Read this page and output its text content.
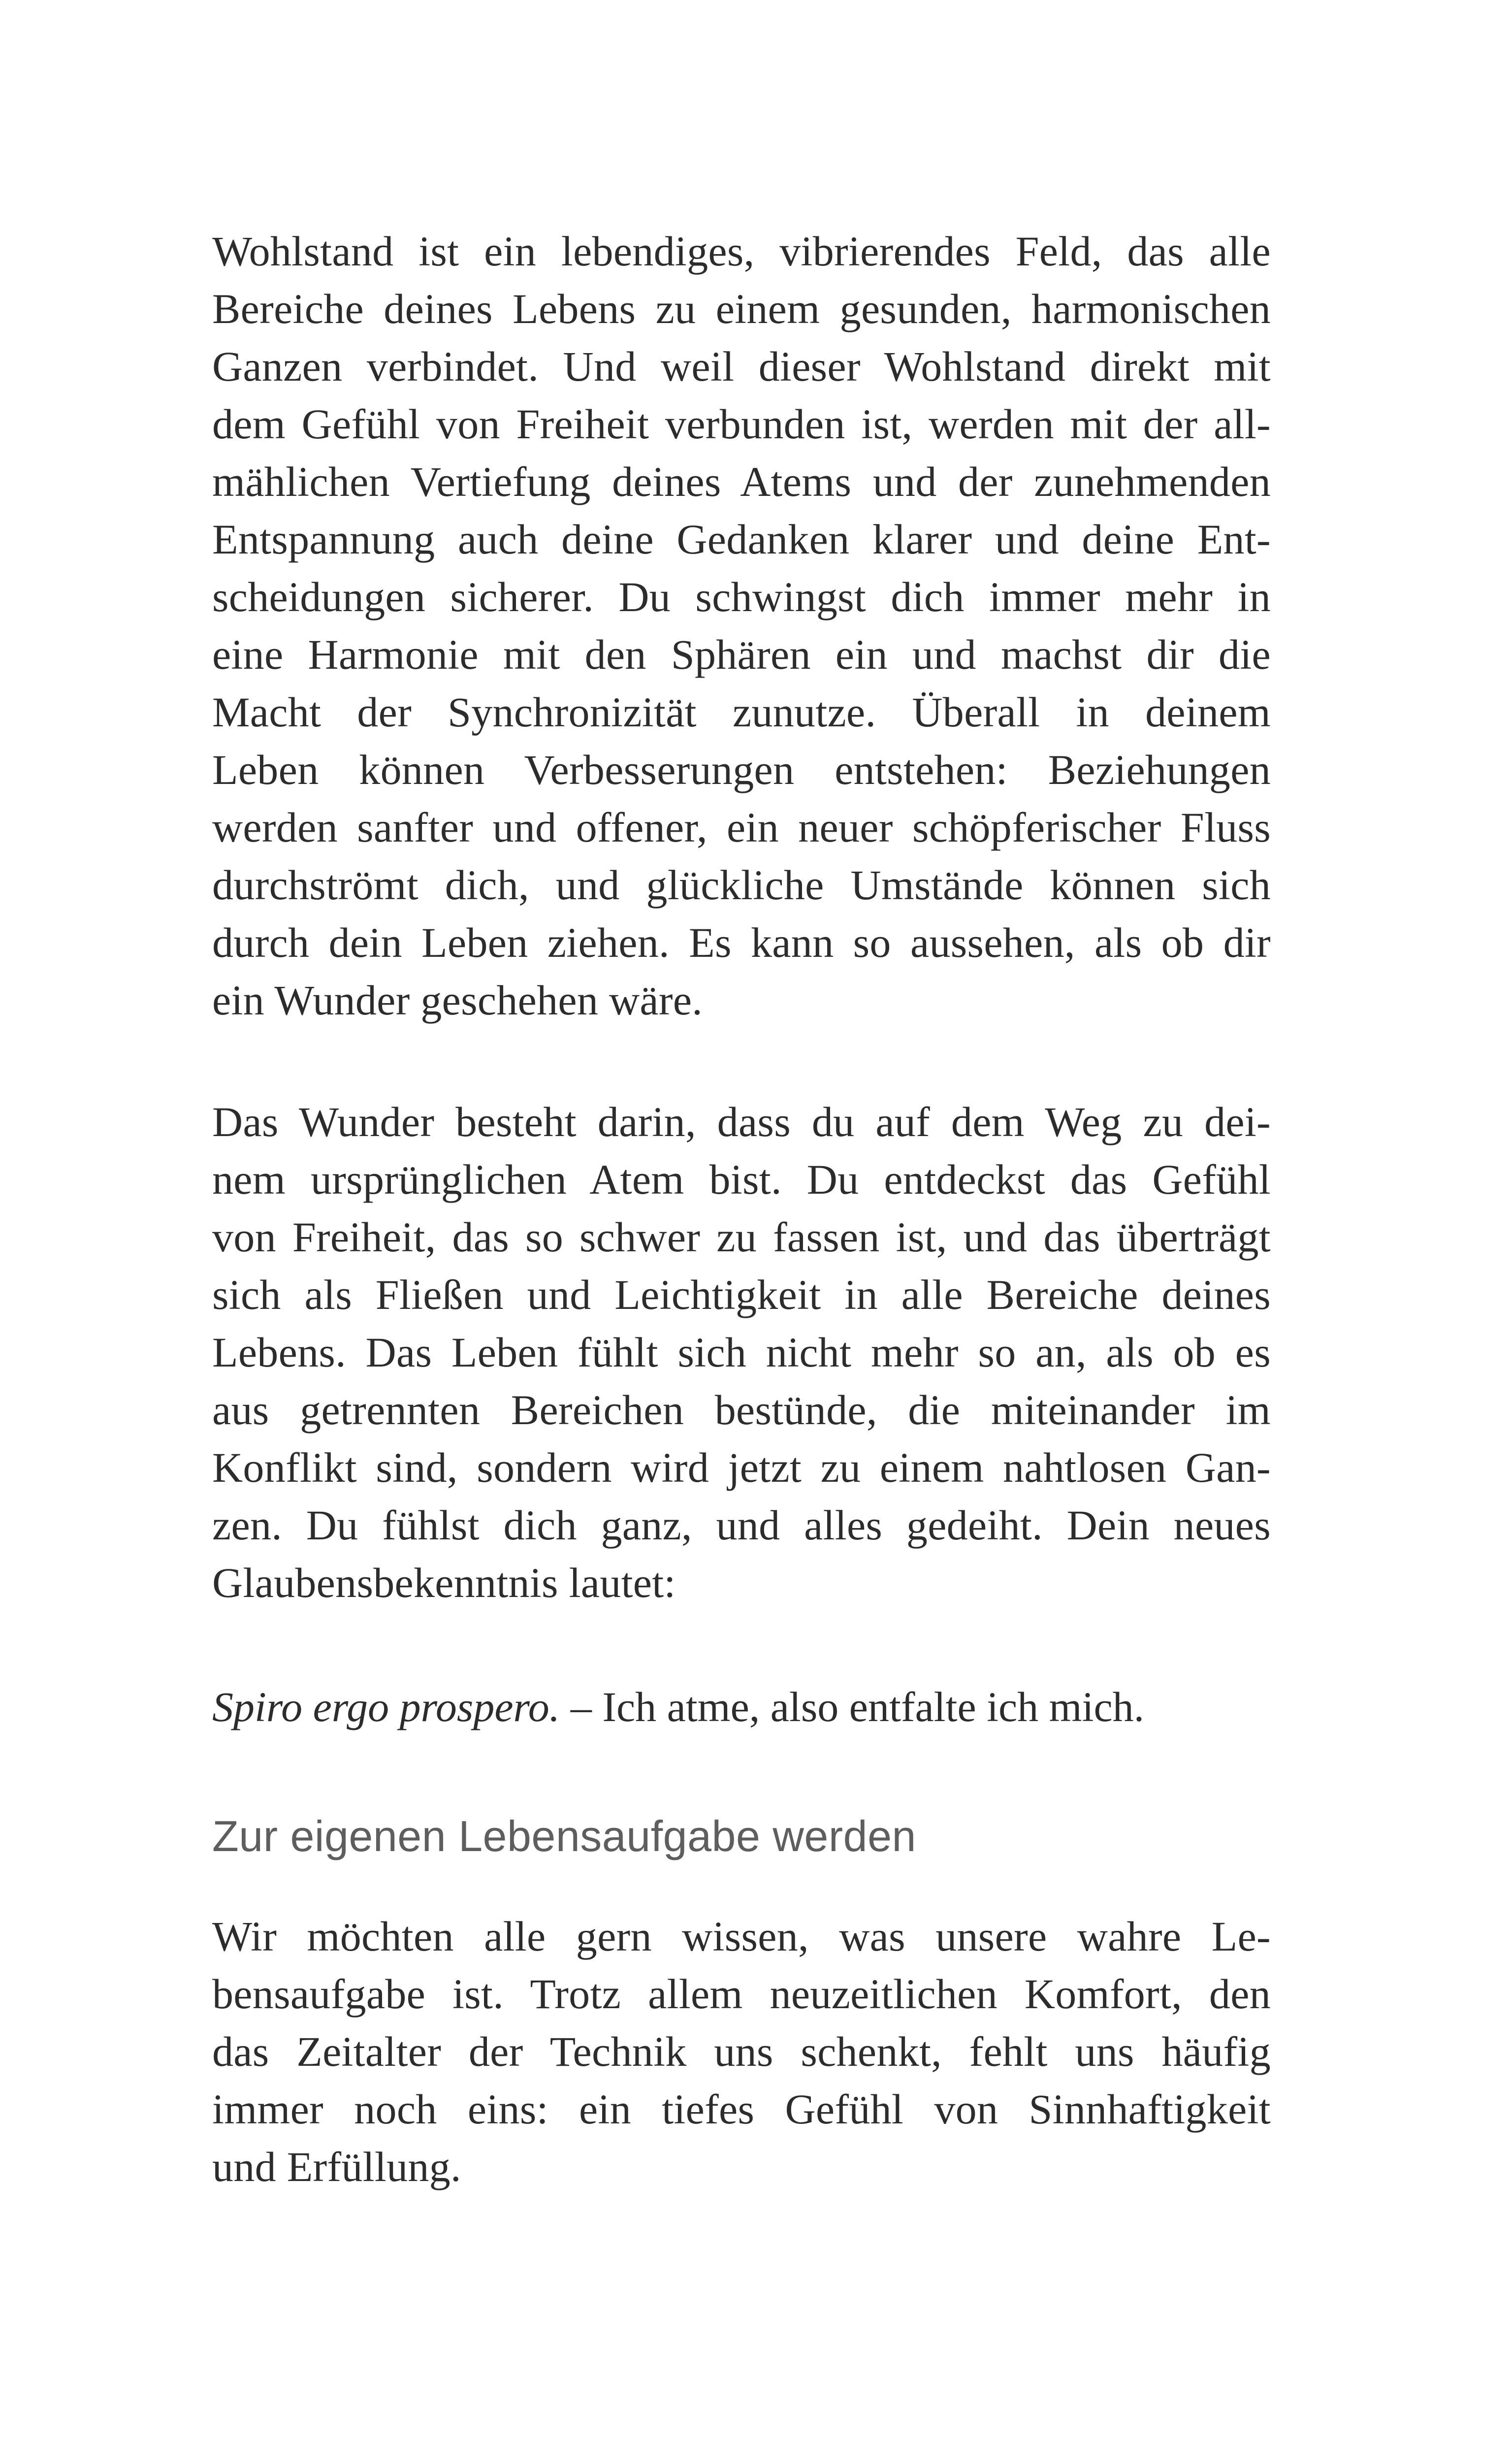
Wohlstand ist ein lebendiges, vibrierendes Feld, das alle
Bereiche deines Lebens zu einem gesunden, harmonischen
Ganzen verbindet. Und weil dieser Wohlstand direkt mit
dem Gefühl von Freiheit verbunden ist, werden mit der all-
mählichen Vertiefung deines Atems und der zunehmenden
Entspannung auch deine Gedanken klarer und deine Ent-
scheidungen sicherer. Du schwingst dich immer mehr in
eine Harmonie mit den Sphären ein und machst dir die
Macht der Synchronizität zunutze. Überall in deinem
Leben können Verbesserungen entstehen: Beziehungen
werden sanfter und offener, ein neuer schöpferischer Fluss
durchströmt dich, und glückliche Umstände können sich
durch dein Leben ziehen. Es kann so aussehen, als ob dir
ein Wunder geschehen wäre.
Das Wunder besteht darin, dass du auf dem Weg zu dei-
nem ursprünglichen Atem bist. Du entdeckst das Gefühl
von Freiheit, das so schwer zu fassen ist, und das überträgt
sich als Fließen und Leichtigkeit in alle Bereiche deines
Lebens. Das Leben fühlt sich nicht mehr so an, als ob es
aus getrennten Bereichen bestünde, die miteinander im
Konflikt sind, sondern wird jetzt zu einem nahtlosen Gan-
zen. Du fühlst dich ganz, und alles gedeiht. Dein neues
Glaubensbekenntnis lautet:
Spiro ergo prospero. – Ich atme, also entfalte ich mich.
Zur eigenen Lebensaufgabe werden
Wir möchten alle gern wissen, was unsere wahre Le-
bensaufgabe ist. Trotz allem neuzeitlichen Komfort, den
das Zeitalter der Technik uns schenkt, fehlt uns häufig
immer noch eins: ein tiefes Gefühl von Sinnhaftigkeit
und Erfüllung.
